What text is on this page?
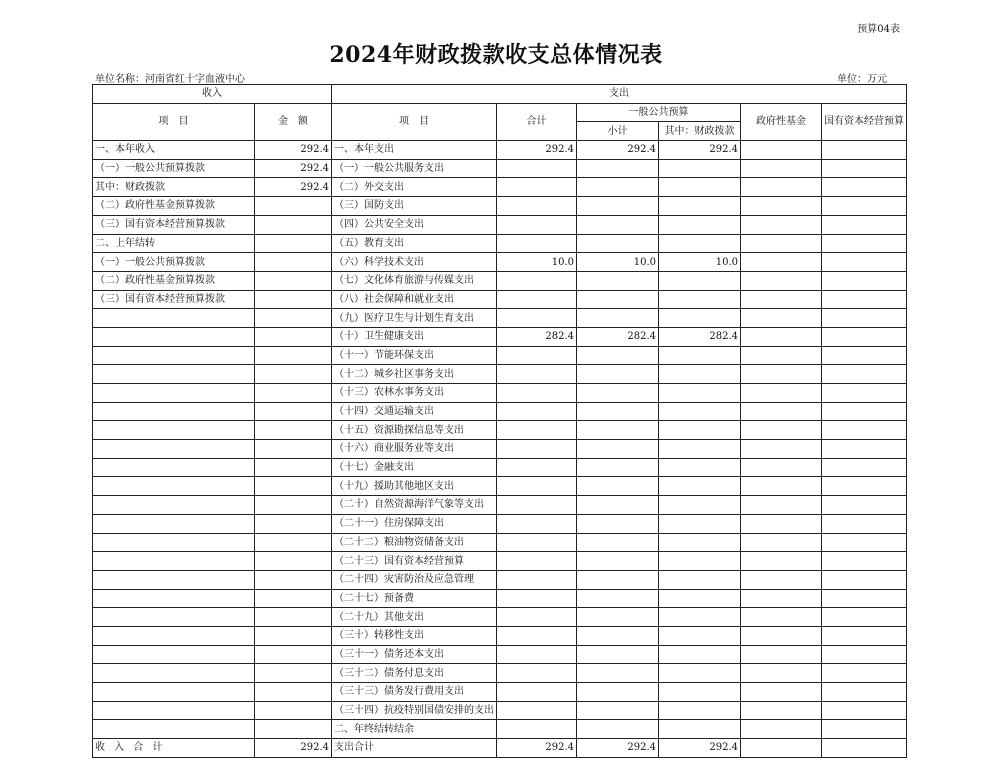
预算04表
2024年财政拨款收支总体情况表
单位名称：河南省红十字血液中心	单位：万元
收入		支出					
项　目	金　额	项　目	合计	一般公共预算		政府性基金	国有资本经营预算
				小计	其中：财政拨款		
一、本年收入	292.4	一、本年支出	292.4	292.4	292.4		
（一）一般公共预算拨款	292.4	（一）一般公共服务支出					
其中：财政拨款	292.4	（二）外交支出					
（二）政府性基金预算拨款		（三）国防支出					
（三）国有资本经营预算拨款		（四）公共安全支出					
二、上年结转		（五）教育支出					
（一）一般公共预算拨款		（六）科学技术支出	10.0	10.0	10.0		
（二）政府性基金预算拨款		（七）文化体育旅游与传媒支出					
（三）国有资本经营预算拨款		（八）社会保障和就业支出					
		（九）医疗卫生与计划生育支出					
		（十）卫生健康支出	282.4	282.4	282.4		
		（十一）节能环保支出					
		（十二）城乡社区事务支出					
		（十三）农林水事务支出					
		（十四）交通运输支出					
		（十五）资源勘探信息等支出					
		（十六）商业服务业等支出					
		（十七）金融支出					
		（十九）援助其他地区支出					
		（二十）自然资源海洋气象等支出					
		（二十一）住房保障支出					
		（二十二）粮油物资储备支出					
		（二十三）国有资本经营预算					
		（二十四）灾害防治及应急管理					
		（二十七）预备费					
		（二十九）其他支出					
		（三十）转移性支出					
		（三十一）债务还本支出					
		（三十二）债务付息支出					
		（三十三）债务发行费用支出					
		（三十四）抗疫特别国债安排的支出					
		二、年终结转结余					
收 入 合 计	292.4	支出合计	292.4	292.4	292.4		
